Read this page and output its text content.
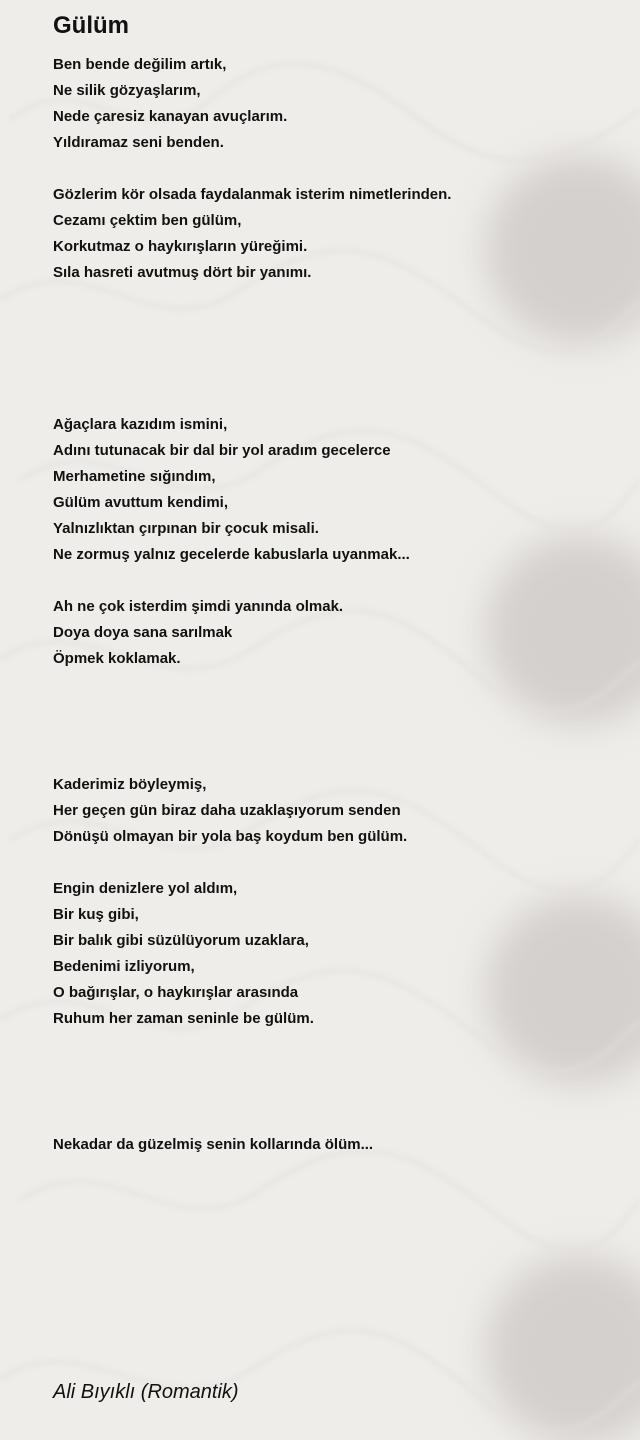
Gülüm
Ben bende değilim artık,
Ne silik gözyaşlarım,
Nede çaresiz kanayan avuçlarım.
Yıldıramaz seni benden.
Gözlerim kör olsada faydalanmak isterim nimetlerinden.
Cezamı çektim ben gülüm,
Korkutmaz o haykırışların yüreğimi.
Sıla hasreti avutmuş dört bir yanımı.
Ağaçlara kazıdım ismini,
Adını tutunacak bir dal bir yol aradım gecelerce
Merhametine sığındım,
Gülüm avuttum kendimi,
Yalnızlıktan çırpınan bir çocuk misali.
Ne zormuş yalnız gecelerde kabuslarla uyanmak...
Ah ne çok isterdim şimdi yanında olmak.
Doya doya sana sarılmak
Öpmek koklamak.
Kaderimiz böyleymiş,
Her geçen gün biraz daha uzaklaşıyorum senden
Dönüşü olmayan bir yola baş koydum ben gülüm.
Engin denizlere yol aldım,
Bir kuş gibi,
Bir balık gibi süzülüyorum uzaklara,
Bedenimi izliyorum,
O bağırışlar, o haykırışlar arasında
Ruhum her zaman seninle be gülüm.
Nekadar da güzelmiş senin kollarında ölüm...
Ali Bıyıklı (Romantik)
